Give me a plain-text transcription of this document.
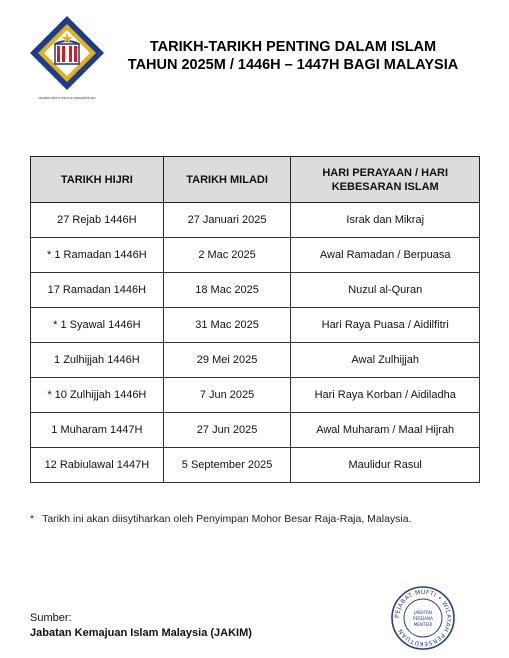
PEJABAT MUFTI WILAYAH PERSEKUTUAN
TARIKH-TARIKH PENTING DALAM ISLAM
TAHUN 2025M / 1446H – 1447H BAGI MALAYSIA
TARIKH HIJRI	TARIKH MILADI	HARI PERAYAAN / HARI KEBESARAN ISLAM
27 Rejab 1446H	27 Januari 2025	Israk dan Mikraj
* 1 Ramadan 1446H	2 Mac 2025	Awal Ramadan / Berpuasa
17 Ramadan 1446H	18 Mac 2025	Nuzul al-Quran
* 1 Syawal 1446H	31 Mac 2025	Hari Raya Puasa / Aidilfitri
1 Zulhijjah 1446H	29 Mei 2025	Awal Zulhijjah
* 10 Zulhijjah 1446H	7 Jun 2025	Hari Raya Korban / Aidiladha
1 Muharam 1447H	27 Jun 2025	Awal Muharam / Maal Hijrah
12 Rabiulawal 1447H	5 September 2025	Maulidur Rasul
* Tarikh ini akan diisytiharkan oleh Penyimpan Mohor Besar Raja-Raja, Malaysia.
Sumber:
Jabatan Kemajuan Islam Malaysia (JAKIM)
PEJABAT MUFTI • WILAYAH PERSEKUTUAN
JABATAN
PERDANA
MENTERI
